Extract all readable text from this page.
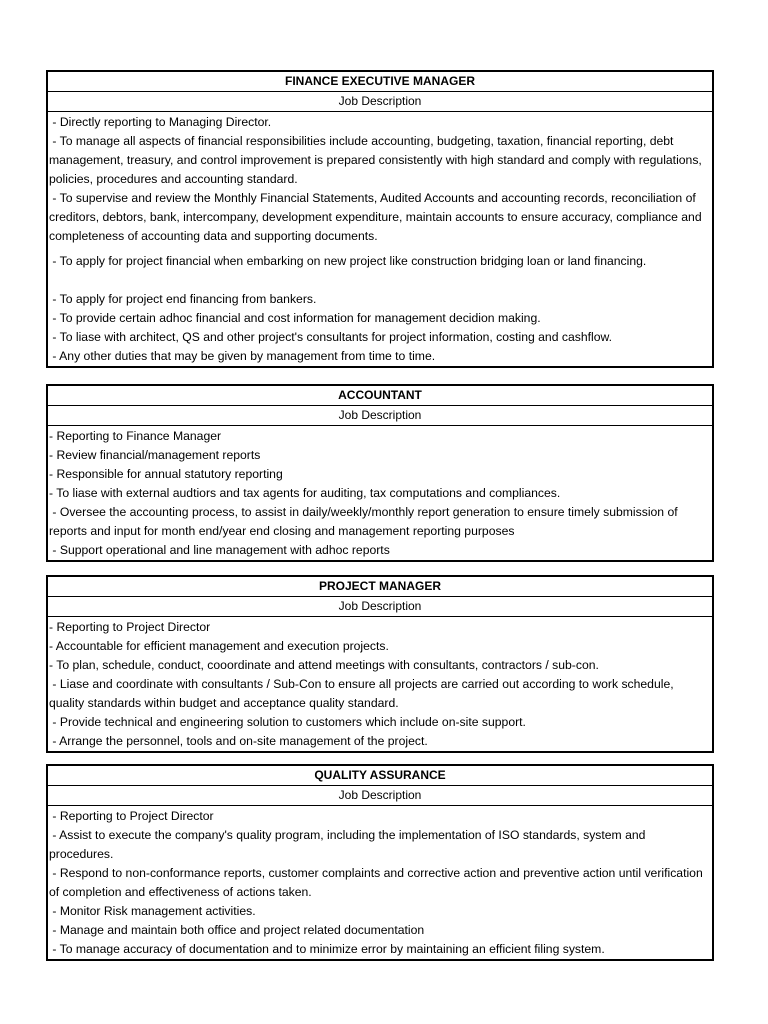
FINANCE EXECUTIVE MANAGER
Job Description
- Directly reporting to Managing Director.
- To manage all aspects of financial responsibilities include accounting, budgeting, taxation, financial reporting, debt management, treasury, and control improvement is prepared consistently with high standard and comply with regulations, policies, procedures and accounting standard.
- To supervise and review the Monthly Financial Statements, Audited Accounts and accounting records, reconciliation of creditors, debtors, bank, intercompany, development expenditure, maintain accounts to ensure accuracy, compliance and completeness of accounting data and supporting documents.
- To apply for project financial when embarking on new project like construction bridging loan or land financing.
- To apply for project end financing from bankers.
- To provide certain adhoc financial and cost information for management decidion making.
- To liase with architect, QS and other project's consultants for project information, costing and cashflow.
- Any other duties that may be given by management from time to time.
ACCOUNTANT
Job Description
- Reporting to Finance Manager
- Review financial/management reports
- Responsible for annual statutory reporting
- To liase with external audtiors and tax agents for auditing, tax computations and compliances.
- Oversee the accounting process, to assist in daily/weekly/monthly report generation to ensure timely submission of reports and input for month end/year end closing and management reporting purposes
- Support operational and line management with adhoc reports
PROJECT MANAGER
Job Description
- Reporting to Project Director
- Accountable for efficient management and execution projects.
- To plan, schedule, conduct, cooordinate and attend meetings with consultants, contractors / sub-con.
- Liase and coordinate with consultants / Sub-Con to ensure all projects are carried out according to work schedule, quality standards within budget and acceptance quality standard.
- Provide technical and engineering solution to customers which include on-site support.
- Arrange the personnel, tools and on-site management of the project.
QUALITY ASSURANCE
Job Description
- Reporting to Project Director
- Assist to execute the company's quality program, including the implementation of ISO standards, system and procedures.
- Respond to non-conformance reports, customer complaints and corrective action and preventive action until verification of completion and effectiveness of actions taken.
- Monitor Risk management activities.
- Manage and maintain both office and project related documentation
- To manage accuracy of documentation and to minimize error by maintaining an efficient filing system.
